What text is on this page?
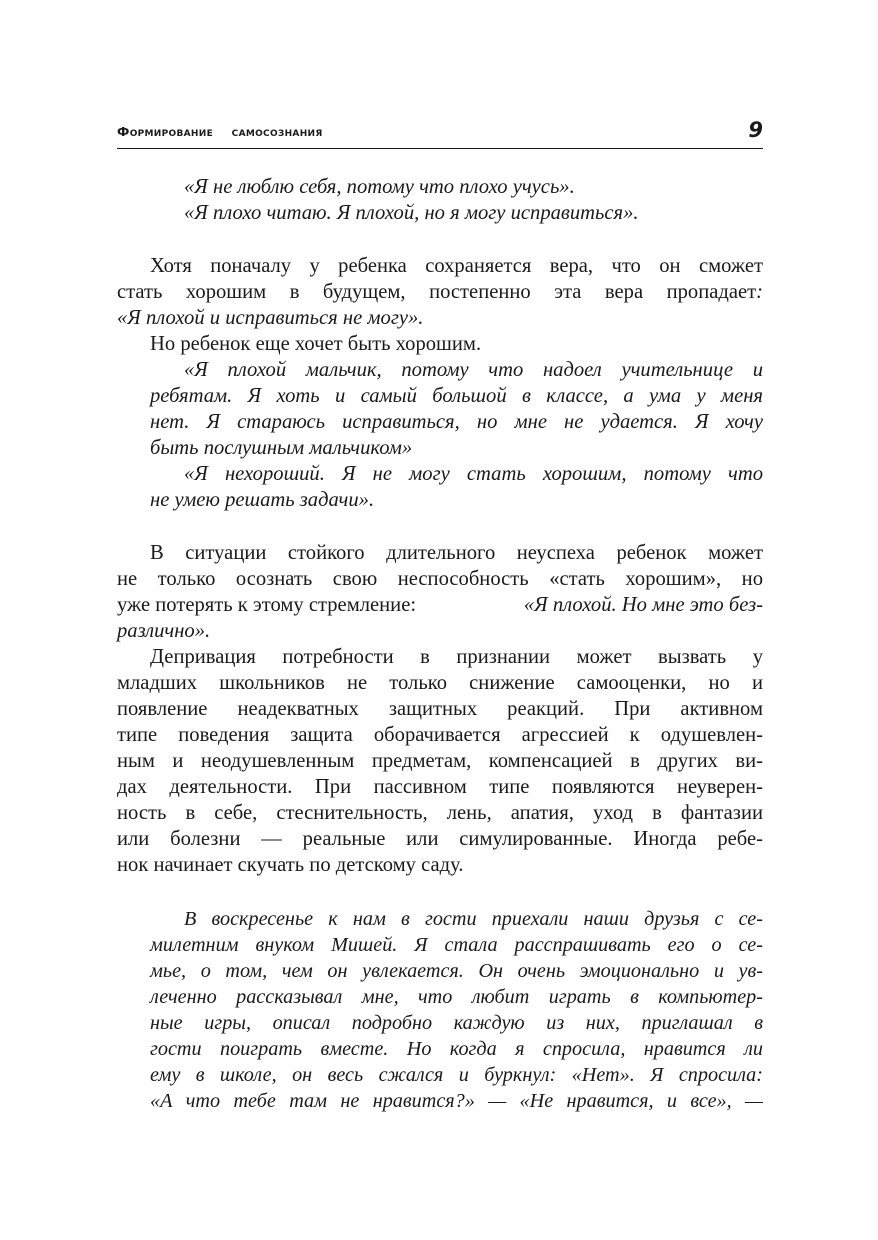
Формирование самосознания	9
«Я не люблю себя, потому что плохо учусь».
«Я плохо читаю. Я плохой, но я могу исправиться».
Хотя поначалу у ребенка сохраняется вера, что он сможет
стать хорошим в будущем, постепенно эта вера пропадает:
«Я плохой и исправиться не могу».
Но ребенок еще хочет быть хорошим.
«Я плохой мальчик, потому что надоел учительнице и
ребятам. Я хоть и самый большой в классе, а ума у меня
нет. Я стараюсь исправиться, но мне не удается. Я хочу
быть послушным мальчиком»
«Я нехороший. Я не могу стать хорошим, потому что
не умею решать задачи».
В ситуации стойкого длительного неуспеха ребенок может
не только осознать свою неспособность «стать хорошим», но
уже потерять к этому стремление:	«Я плохой. Но мне это без-
различно».
Депривация потребности в признании может вызвать у
младших школьников не только снижение самооценки, но и
появление неадекватных защитных реакций. При активном
типе поведения защита оборачивается агрессией к одушевлен-
ным и неодушевленным предметам, компенсацией в других ви-
дах деятельности. При пассивном типе появляются неуверен-
ность в себе, стеснительность, лень, апатия, уход в фантазии
или болезни — реальные или симулированные. Иногда ребе-
нок начинает скучать по детскому саду.
В воскресенье к нам в гости приехали наши друзья с се-
милетним внуком Мишей. Я стала расспрашивать его о се-
мье, о том, чем он увлекается. Он очень эмоционально и ув-
леченно рассказывал мне, что любит играть в компьютер-
ные игры, описал подробно каждую из них, приглашал в
гости поиграть вместе. Но когда я спросила, нравится ли
ему в школе, он весь сжался и буркнул: «Нет». Я спросила:
«А что тебе там не нравится?» — «Не нравится, и все», —
